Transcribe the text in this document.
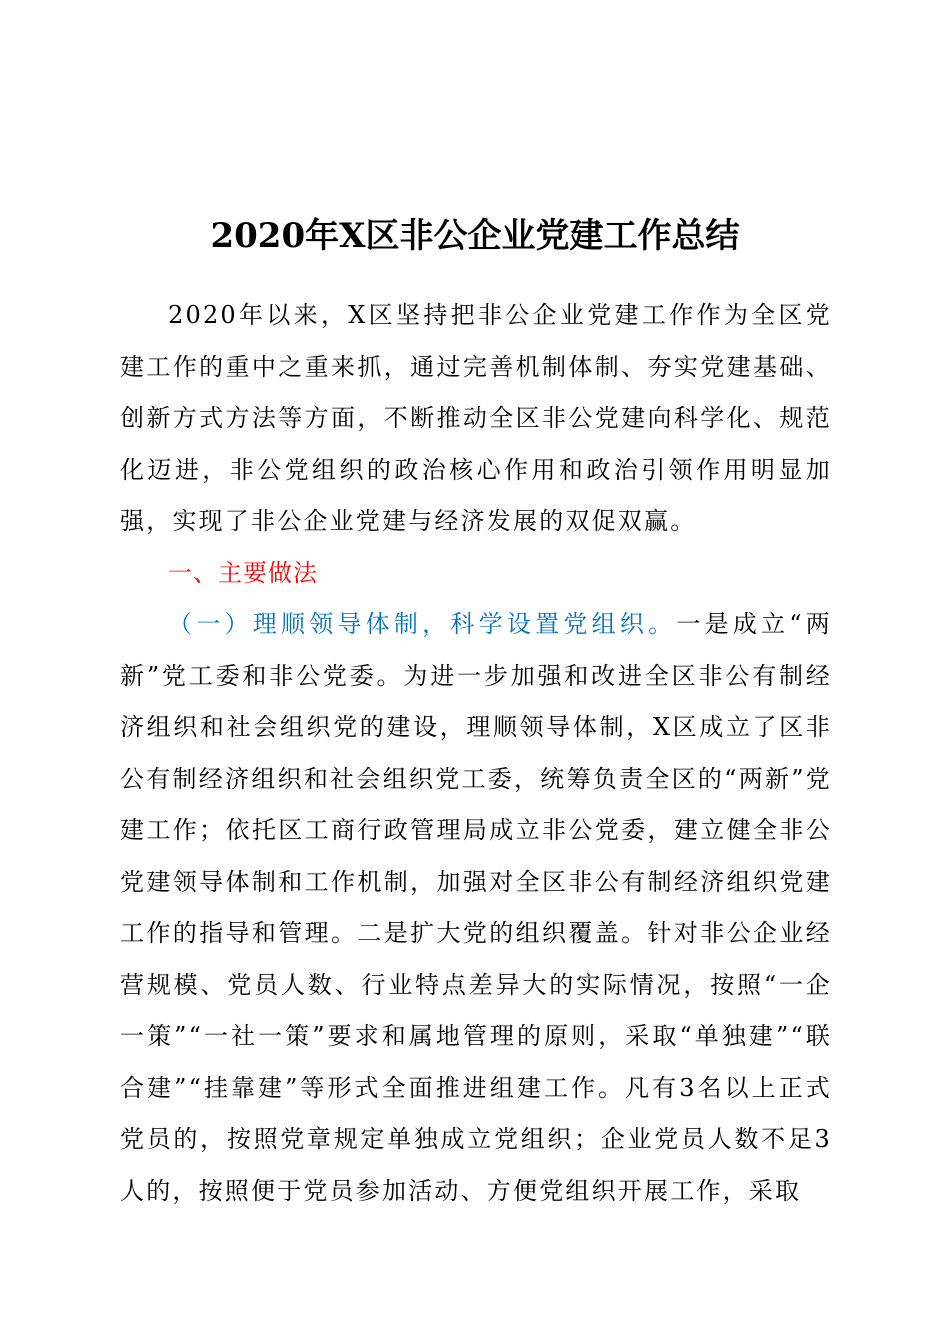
2020年X区非公企业党建工作总结

2020年以来，X区坚持把非公企业党建工作作为全区党建工作的重中之重来抓，通过完善机制体制、夯实党建基础、创新方式方法等方面，不断推动全区非公党建向科学化、规范化迈进，非公党组织的政治核心作用和政治引领作用明显加强，实现了非公企业党建与经济发展的双促双赢。

一、主要做法

（一）理顺领导体制，科学设置党组织。一是成立“两新”党工委和非公党委。为进一步加强和改进全区非公有制经济组织和社会组织党的建设，理顺领导体制，X区成立了区非公有制经济组织和社会组织党工委，统筹负责全区的“两新”党建工作；依托区工商行政管理局成立非公党委，建立健全非公党建领导体制和工作机制，加强对全区非公有制经济组织党建工作的指导和管理。二是扩大党的组织覆盖。针对非公企业经营规模、党员人数、行业特点差异大的实际情况，按照“一企一策”“一社一策”要求和属地管理的原则，采取“单独建”“联合建”“挂靠建”等形式全面推进组建工作。凡有3名以上正式党员的，按照党章规定单独成立党组织；企业党员人数不足3人的，按照便于党员参加活动、方便党组织开展工作，采取
